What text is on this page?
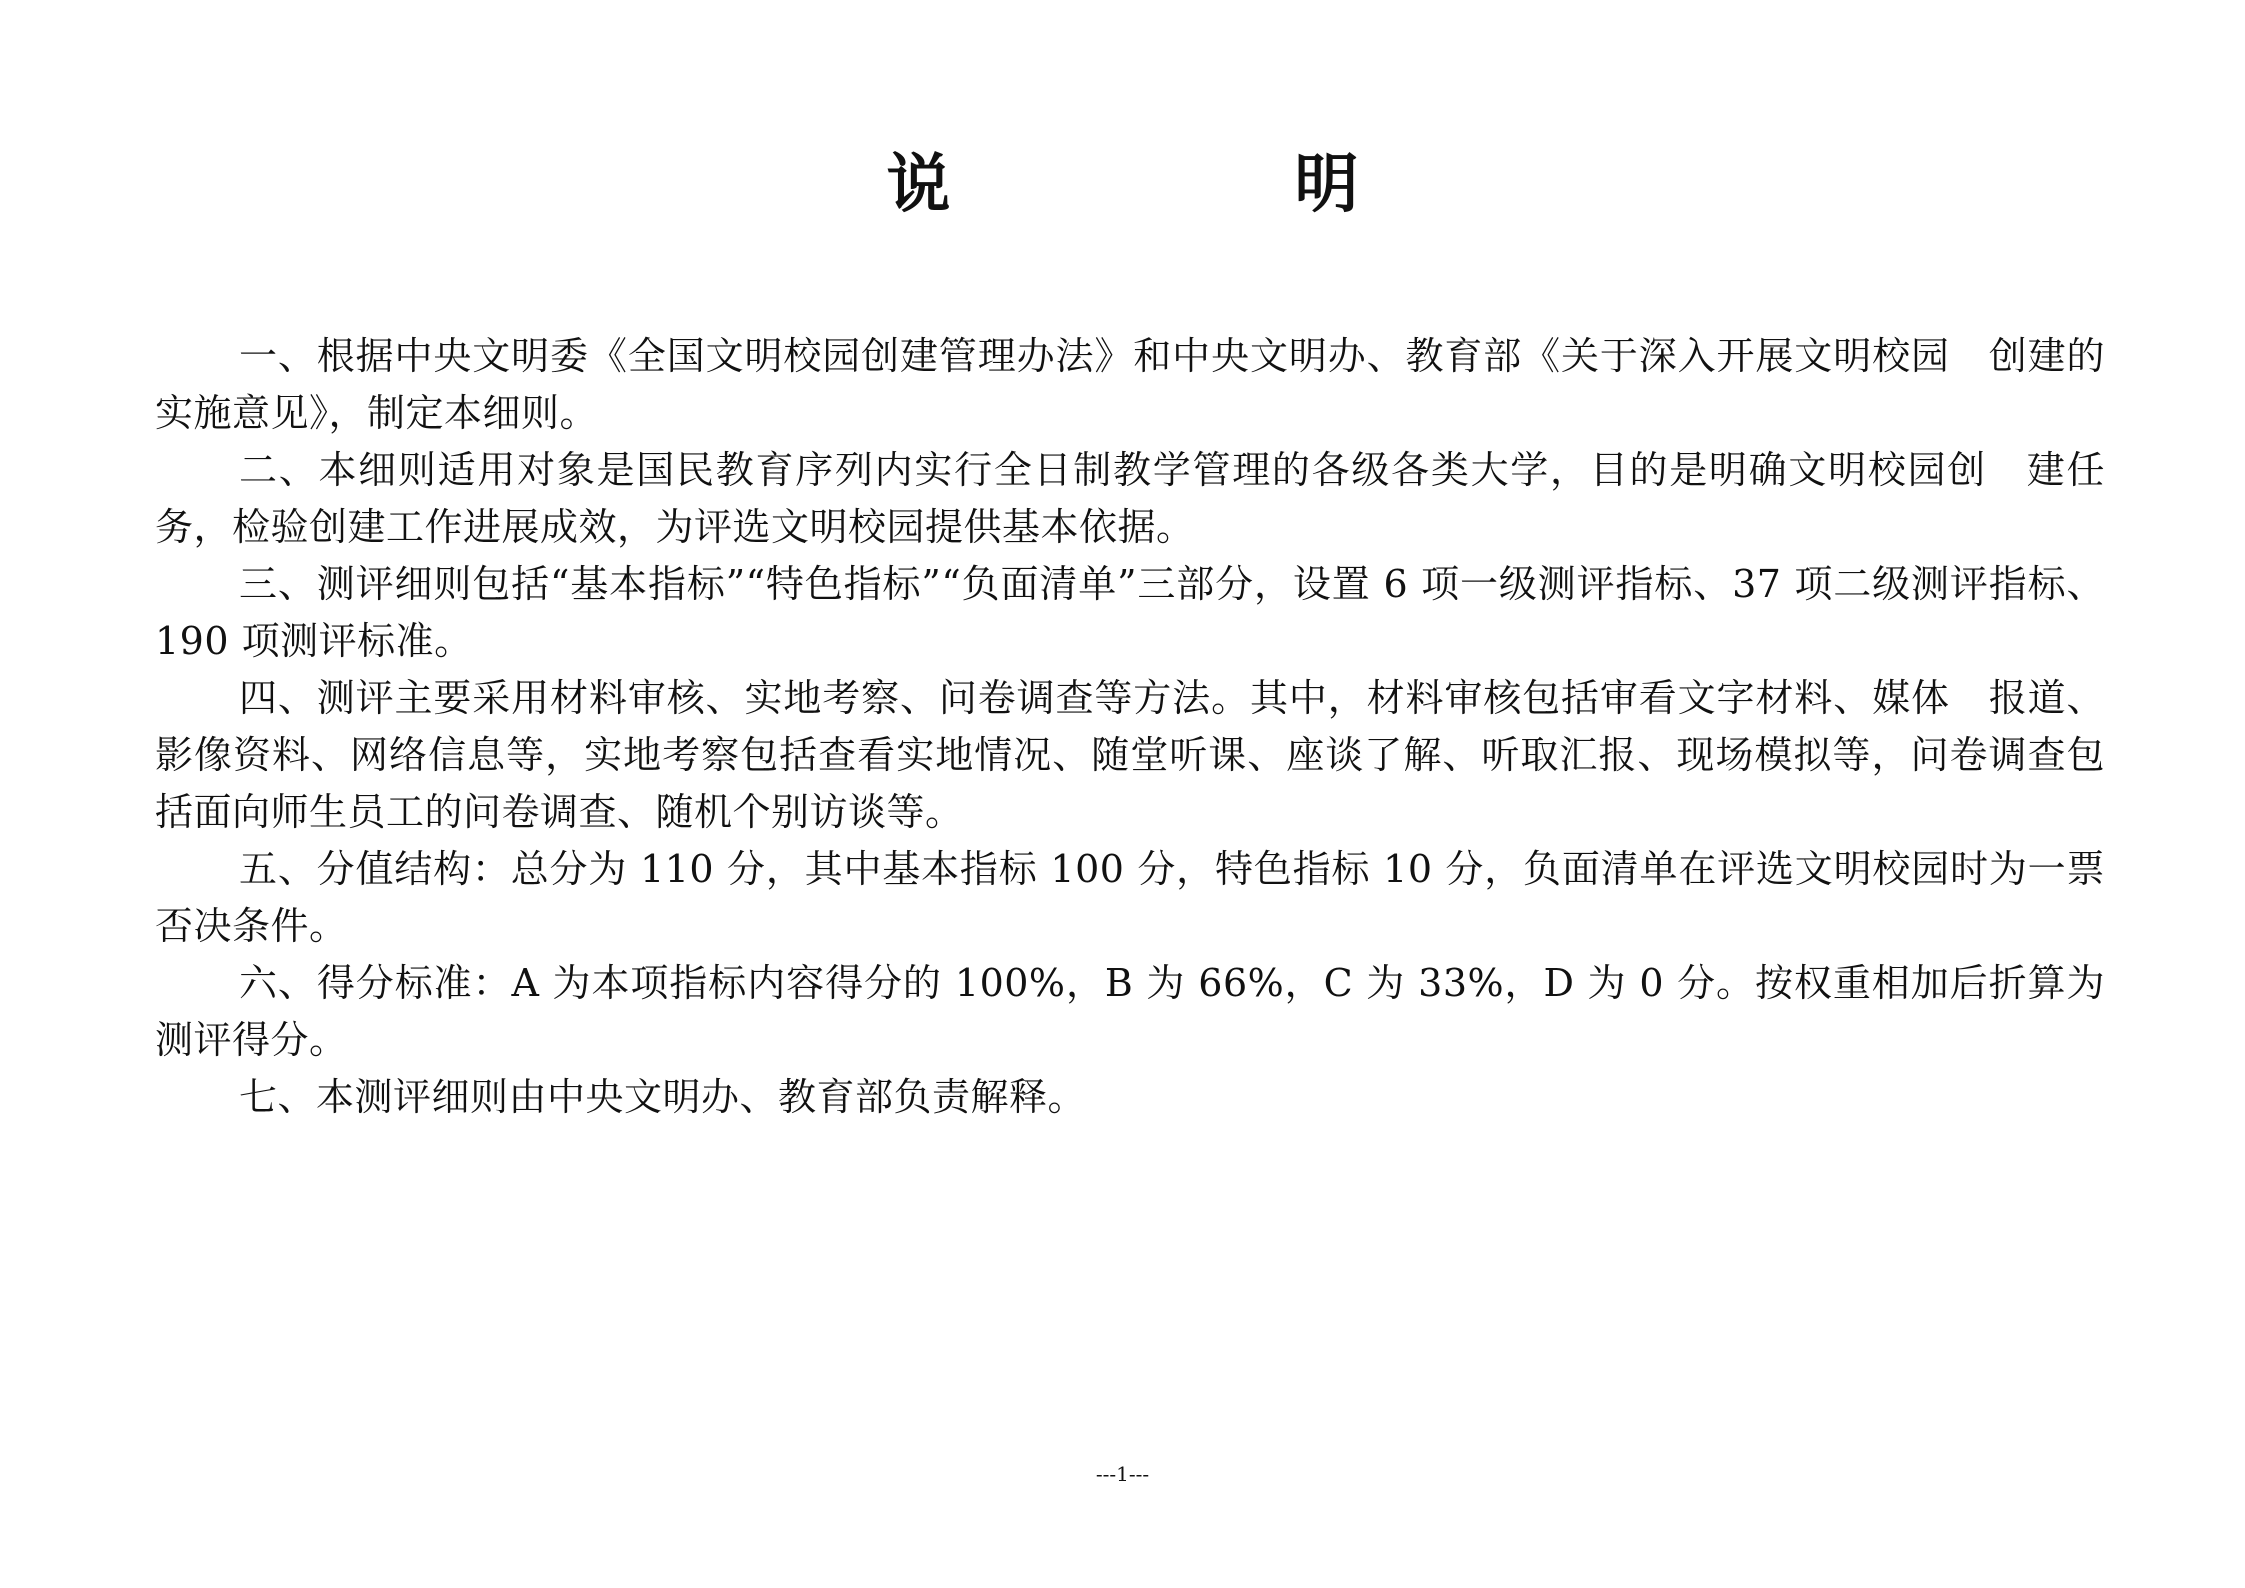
说　明

一、根据中央文明委《全国文明校园创建管理办法》和中央文明办、教育部《关于深入开展文明校园　创建的实施意见》，制定本细则。

二、本细则适用对象是国民教育序列内实行全日制教学管理的各级各类大学，目的是明确文明校园创　建任务，检验创建工作进展成效，为评选文明校园提供基本依据。

三、测评细则包括“基本指标”“特色指标”“负面清单”三部分，设置 6 项一级测评指标、37 项二级测评指标、190 项测评标准。

四、测评主要采用材料审核、实地考察、问卷调查等方法。其中，材料审核包括审看文字材料、媒体　报道、影像资料、网络信息等，实地考察包括查看实地情况、随堂听课、座谈了解、听取汇报、现场模拟等，问卷调查包括面向师生员工的问卷调查、随机个别访谈等。

五、分值结构：总分为 110 分，其中基本指标 100 分，特色指标 10 分，负面清单在评选文明校园时为一票否决条件。

六、得分标准：A 为本项指标内容得分的 100%，B 为 66%，C 为 33%，D 为 0 分。按权重相加后折算为测评得分。

七、本测评细则由中央文明办、教育部负责解释。

---1---
